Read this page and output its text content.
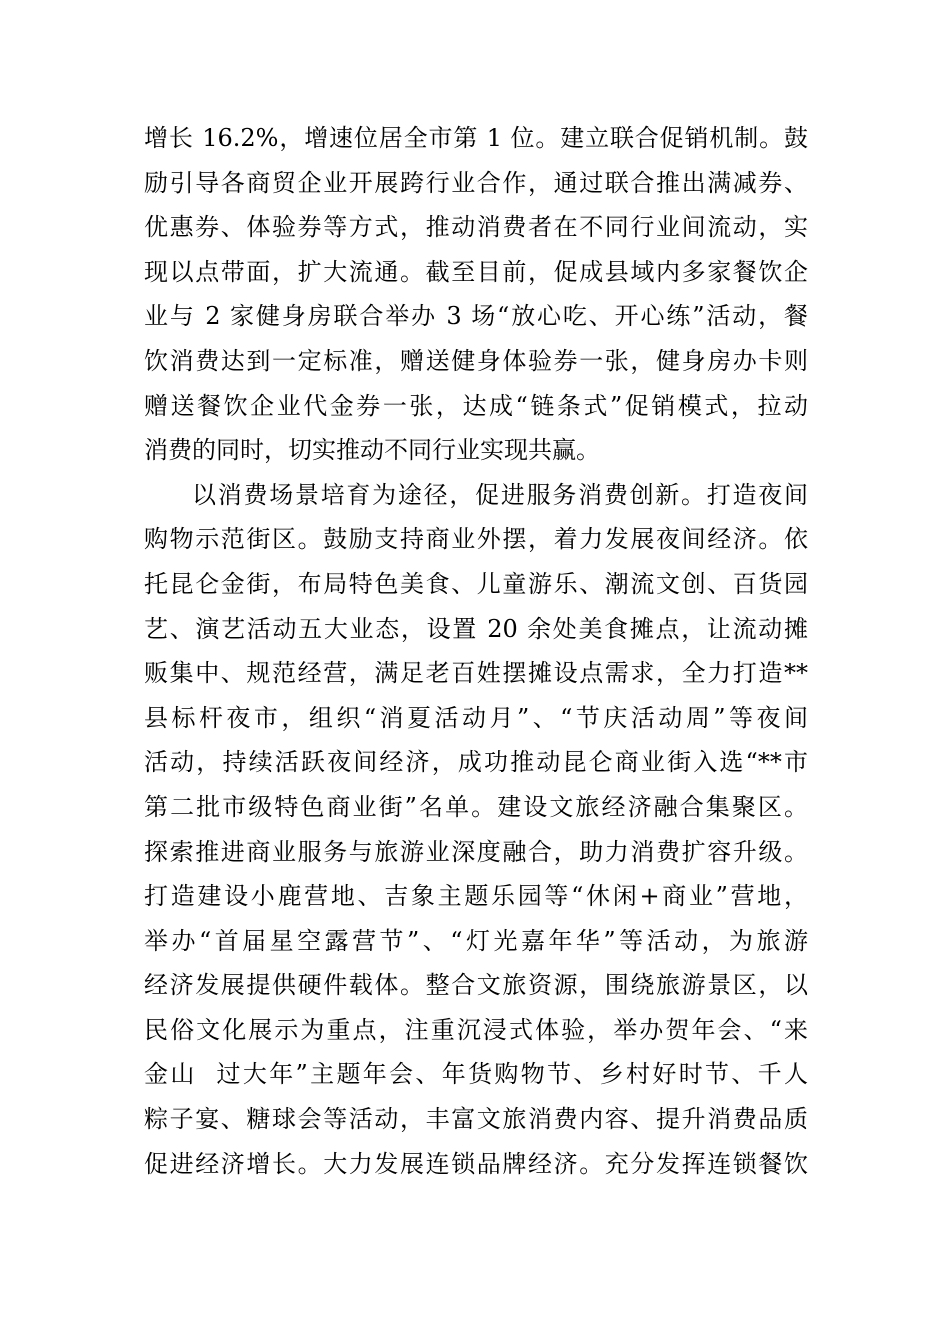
增长 16.2%，增速位居全市第 1 位。建立联合促销机制。鼓
励引导各商贸企业开展跨行业合作，通过联合推出满减券、
优惠券、体验券等方式，推动消费者在不同行业间流动，实
现以点带面，扩大流通。截至目前，促成县域内多家餐饮企
业与 2 家健身房联合举办 3 场“放心吃、开心练”活动，餐
饮消费达到一定标准，赠送健身体验券一张，健身房办卡则
赠送餐饮企业代金券一张，达成“链条式”促销模式，拉动
消费的同时，切实推动不同行业实现共赢。
以消费场景培育为途径，促进服务消费创新。打造夜间
购物示范街区。鼓励支持商业外摆，着力发展夜间经济。依
托昆仑金街，布局特色美食、儿童游乐、潮流文创、百货园
艺、演艺活动五大业态，设置 20 余处美食摊点，让流动摊
贩集中、规范经营，满足老百姓摆摊设点需求，全力打造**
县标杆夜市，组织“消夏活动月”、“节庆活动周”等夜间
活动，持续活跃夜间经济，成功推动昆仑商业街入选“**市
第二批市级特色商业街”名单。建设文旅经济融合集聚区。
探索推进商业服务与旅游业深度融合，助力消费扩容升级。
打造建设小鹿营地、吉象主题乐园等“休闲+商业”营地，
举办“首届星空露营节”、“灯光嘉年华”等活动，为旅游
经济发展提供硬件载体。整合文旅资源，围绕旅游景区，以
民俗文化展示为重点，注重沉浸式体验，举办贺年会、“来
金山  过大年”主题年会、年货购物节、乡村好时节、千人
粽子宴、糖球会等活动，丰富文旅消费内容、提升消费品质
促进经济增长。大力发展连锁品牌经济。充分发挥连锁餐饮
